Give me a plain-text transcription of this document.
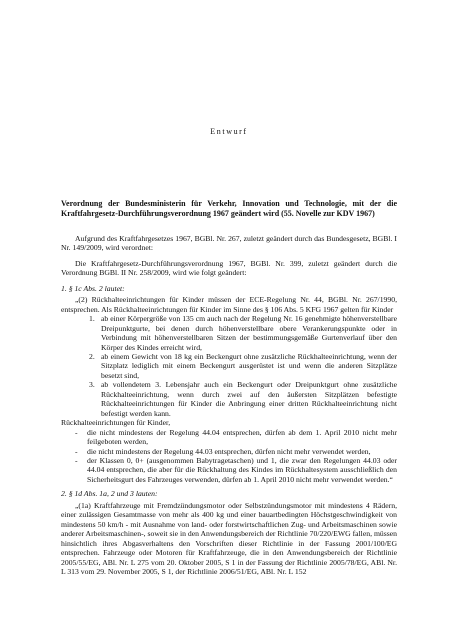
Entwurf
Verordnung der Bundesministerin für Verkehr, Innovation und Technologie, mit der die Kraftfahrgesetz-Durchführungsverordnung 1967 geändert wird (55. Novelle zur KDV 1967)

Aufgrund des Kraftfahrgesetzes 1967, BGBl. Nr. 267, zuletzt geändert durch das Bundesgesetz, BGBl. I Nr. 149/2009, wird verordnet:

Die Kraftfahrgesetz-Durchführungsverordnung 1967, BGBl. Nr. 399, zuletzt geändert durch die Verordnung BGBl. II Nr. 258/2009, wird wie folgt geändert:

1. § 1c Abs. 2 lautet:

„(2) Rückhalteeinrichtungen für Kinder müssen der ECE-Regelung Nr. 44, BGBl. Nr. 267/1990, entsprechen. Als Rückhalteeinrichtungen für Kinder im Sinne des § 106 Abs. 5 KFG 1967 gelten für Kinder

1. ab einer Körpergröße von 135 cm auch nach der Regelung Nr. 16 genehmigte höhenverstellbare Dreipunktgurte, bei denen durch höhenverstellbare obere Verankerungspunkte oder in Verbindung mit höhenverstellbaren Sitzen der bestimmungsgemäße Gurtenverlauf über den Körper des Kindes erreicht wird,
2. ab einem Gewicht von 18 kg ein Beckengurt ohne zusätzliche Rückhalteeinrichtung, wenn der Sitzplatz lediglich mit einem Beckengurt ausgerüstet ist und wenn die anderen Sitzplätze besetzt sind,
3. ab vollendetem 3. Lebensjahr auch ein Beckengurt oder Dreipunktgurt ohne zusätzliche Rückhalteeinrichtung, wenn durch zwei auf den äußersten Sitzplätzen befestigte Rückhalteeinrichtungen für Kinder die Anbringung einer dritten Rückhalteeinrichtung nicht befestigt werden kann.

Rückhalteeinrichtungen für Kinder,

- die nicht mindestens der Regelung 44.04 entsprechen, dürfen ab dem 1. April 2010 nicht mehr feilgeboten werden,
- die nicht mindestens der Regelung 44.03 entsprechen, dürfen nicht mehr verwendet werden,
- der Klassen 0, 0+ (ausgenommen Babytragetaschen) und 1, die zwar den Regelungen 44.03 oder 44.04 entsprechen, die aber für die Rückhaltung des Kindes im Rückhaltesystem ausschließlich den Sicherheitsgurt des Fahrzeuges verwenden, dürfen ab 1. April 2010 nicht mehr verwendet werden.“

2. § 1d Abs. 1a, 2 und 3 lauten:

„(1a) Kraftfahrzeuge mit Fremdzündungsmotor oder Selbstzündungsmotor mit mindestens 4 Rädern, einer zulässigen Gesamtmasse von mehr als 400 kg und einer bauartbedingten Höchstgeschwindigkeit von mindestens 50 km/h - mit Ausnahme von land- oder forstwirtschaftlichen Zug- und Arbeitsmaschinen sowie anderer Arbeitsmaschinen-, soweit sie in den Anwendungsbereich der Richtlinie 70/220/EWG fallen, müssen hinsichtlich ihres Abgasverhaltens den Vorschriften dieser Richtlinie in der Fassung 2001/100/EG entsprechen. Fahrzeuge oder Motoren für Kraftfahrzeuge, die in den Anwendungsbereich der Richtlinie 2005/55/EG, ABl. Nr. L 275 vom 20. Oktober 2005, S 1 in der Fassung der Richtlinie 2005/78/EG, ABl. Nr. L 313 vom 29. November 2005, S 1, der Richtlinie 2006/51/EG, ABl. Nr. L 152
